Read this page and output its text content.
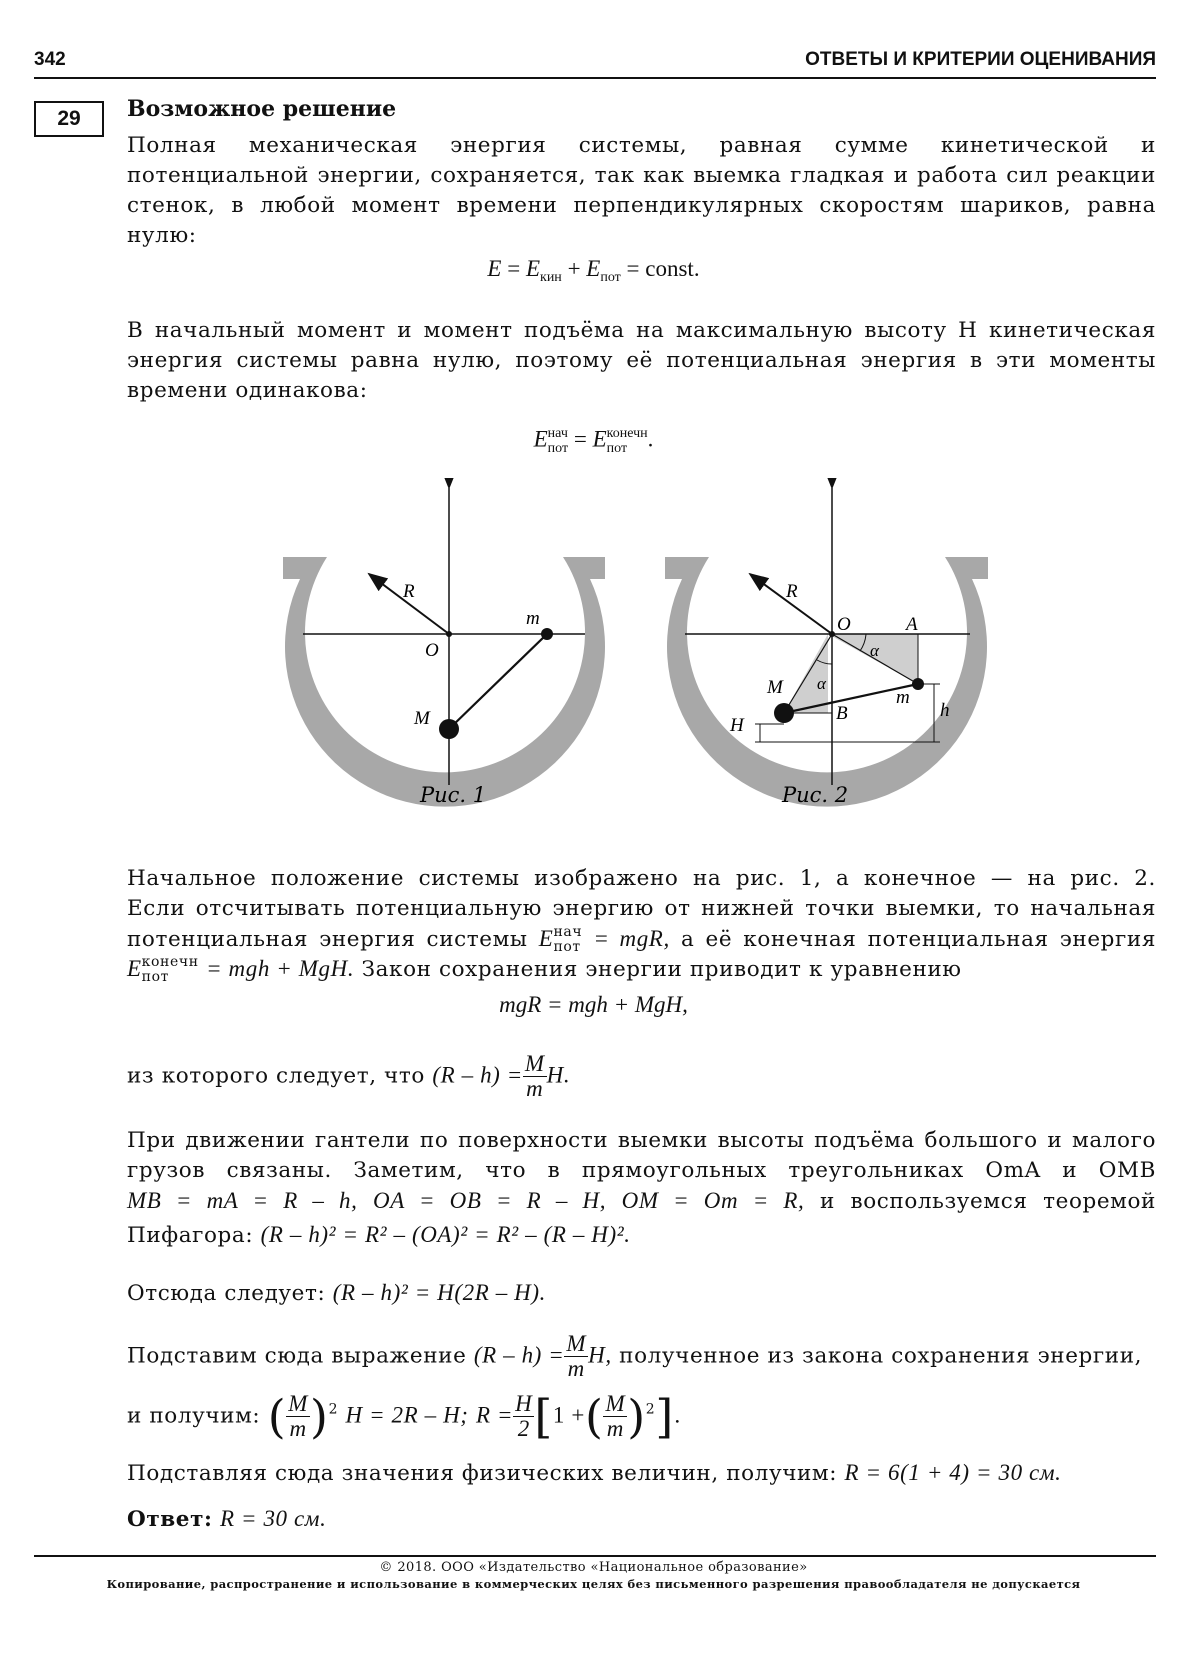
342	ОТВЕТЫ И КРИТЕРИИ ОЦЕНИВАНИЯ
29	Возможное решение
Полная механическая энергия системы, равная сумме кинетической и потенциальной энергии, сохраняется, так как выемка гладкая и работа сил реакции стенок, в любой момент времени перпендикулярных скоростям шариков, равна нулю:
$E = E_{кин} + E_{пот}$ = const.
В начальный момент и момент подъёма на максимальную высоту H кинетическая энергия системы равна нулю, поэтому её потенциальная энергия в эти моменты времени одинакова:
E нач
пот = E конечн
пот .
R
m
O
M
R
O	A
α
α
M	m
B
H
h
Рис. 1	Рис. 2
Начальное положение системы изображено на рис. 1, а конечное — на рис. 2.
Если отсчитывать потенциальную энергию от нижней точки выемки, то начальная
потенциальная энергия системы E нач
пот = mgR, а её конечная потенциальная энергия
E конечн
пот	= mgh + MgH. Закон сохранения энергии приводит к уравнению
mgR = mgh + MgH,
из которого следует, что $(R - h) = \frac{M}{m} H$.
При движении гантели по поверхности выемки высоты подъёма большого и малого
грузов связаны. Заметим, что в прямоугольных треугольниках OmA и OMB
MB = mA = R – h, OA = OB = R – H, OM = Om = R, и воспользуемся теоремой
Пифагора: (R – h)² = R² – (OA)² = R² – (R – H)².
Отсюда следует: (R – h)² = H(2R – H).
Подставим сюда выражение $(R - h) = \frac{M}{m} H$, полученное из закона сохранения энергии,
и получим: ( $\frac{M}{m} )^2$ H = 2R – H; $R = \frac{H}{2} [1$ +( $\frac{M}{m} )^2$].
Подставляя сюда значения физических величин, получим: R = 6(1 + 4) = 30 см.
Ответ: R = 30 см.
© 2018. ООО «Издательство «Национальное образование»
Копирование, распространение и использование в коммерческих целях без письменного разрешения правообладателя не допускается
